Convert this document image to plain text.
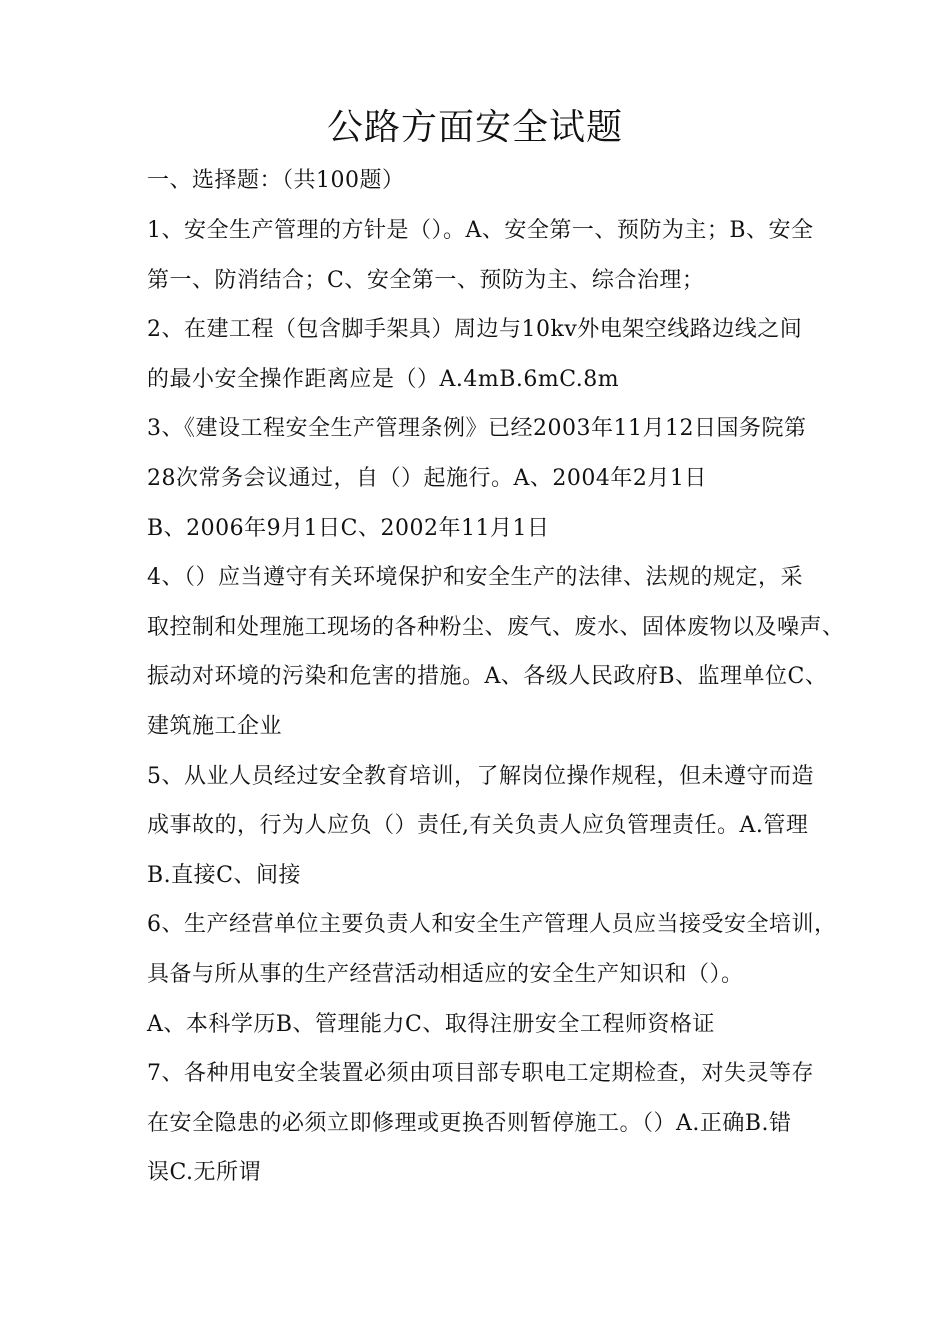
公路方面安全试题
一、选择题：（共100题）
1、安全生产管理的方针是（）。A、安全第一、预防为主；B、安全
第一、防消结合；C、安全第一、预防为主、综合治理；
2、在建工程（包含脚手架具）周边与10kv外电架空线路边线之间
的最小安全操作距离应是（）A.4mB.6mC.8m
3、《建设工程安全生产管理条例》已经2003年11月12日国务院第
28次常务会议通过，自（）起施行。A、2004年2月1日
B、2006年9月1日C、2002年11月1日
4、（）应当遵守有关环境保护和安全生产的法律、法规的规定，采
取控制和处理施工现场的各种粉尘、废气、废水、固体废物以及噪声、
振动对环境的污染和危害的措施。A、各级人民政府B、监理单位C、
建筑施工企业
5、从业人员经过安全教育培训，了解岗位操作规程，但未遵守而造
成事故的，行为人应负（）责任,有关负责人应负管理责任。A.管理
B.直接C、间接
6、生产经营单位主要负责人和安全生产管理人员应当接受安全培训，
具备与所从事的生产经营活动相适应的安全生产知识和（）。
A、本科学历B、管理能力C、取得注册安全工程师资格证
7、各种用电安全装置必须由项目部专职电工定期检查，对失灵等存
在安全隐患的必须立即修理或更换否则暂停施工。（）A.正确B.错
误C.无所谓
